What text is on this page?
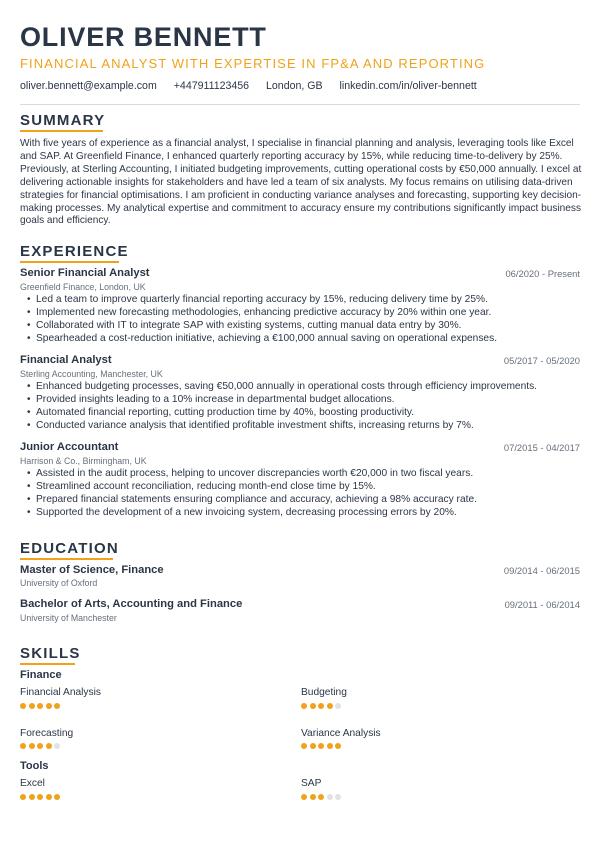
OLIVER BENNETT
FINANCIAL ANALYST WITH EXPERTISE IN FP&A AND REPORTING
oliver.bennett@example.com +447911123456 London, GB linkedin.com/in/oliver-bennett
SUMMARY
With five years of experience as a financial analyst, I specialise in financial planning and analysis, leveraging tools like Excel and SAP. At Greenfield Finance, I enhanced quarterly reporting accuracy by 15%, while reducing time-to-delivery by 25%. Previously, at Sterling Accounting, I initiated budgeting improvements, cutting operational costs by €50,000 annually. I excel at delivering actionable insights for stakeholders and have led a team of six analysts. My focus remains on utilising data-driven strategies for financial optimisations. I am proficient in conducting variance analyses and forecasting, supporting key decision-making processes. My analytical expertise and commitment to accuracy ensure my contributions significantly impact business goals and efficiency.
EXPERIENCE
Senior Financial Analyst	06/2020 - Present
Greenfield Finance, London, UK
• Led a team to improve quarterly financial reporting accuracy by 15%, reducing delivery time by 25%.
• Implemented new forecasting methodologies, enhancing predictive accuracy by 20% within one year.
• Collaborated with IT to integrate SAP with existing systems, cutting manual data entry by 30%.
• Spearheaded a cost-reduction initiative, achieving a €100,000 annual saving on operational expenses.
Financial Analyst	05/2017 - 05/2020
Sterling Accounting, Manchester, UK
• Enhanced budgeting processes, saving €50,000 annually in operational costs through efficiency improvements.
• Provided insights leading to a 10% increase in departmental budget allocations.
• Automated financial reporting, cutting production time by 40%, boosting productivity.
• Conducted variance analysis that identified profitable investment shifts, increasing returns by 7%.
Junior Accountant	07/2015 - 04/2017
Harrison & Co., Birmingham, UK
• Assisted in the audit process, helping to uncover discrepancies worth €20,000 in two fiscal years.
• Streamlined account reconciliation, reducing month-end close time by 15%.
• Prepared financial statements ensuring compliance and accuracy, achieving a 98% accuracy rate.
• Supported the development of a new invoicing system, decreasing processing errors by 20%.
EDUCATION
Master of Science, Finance	09/2014 - 06/2015
University of Oxford
Bachelor of Arts, Accounting and Finance	09/2011 - 06/2014
University of Manchester
SKILLS
Finance
Financial Analysis	Budgeting
Forecasting	Variance Analysis
Tools
Excel	SAP
